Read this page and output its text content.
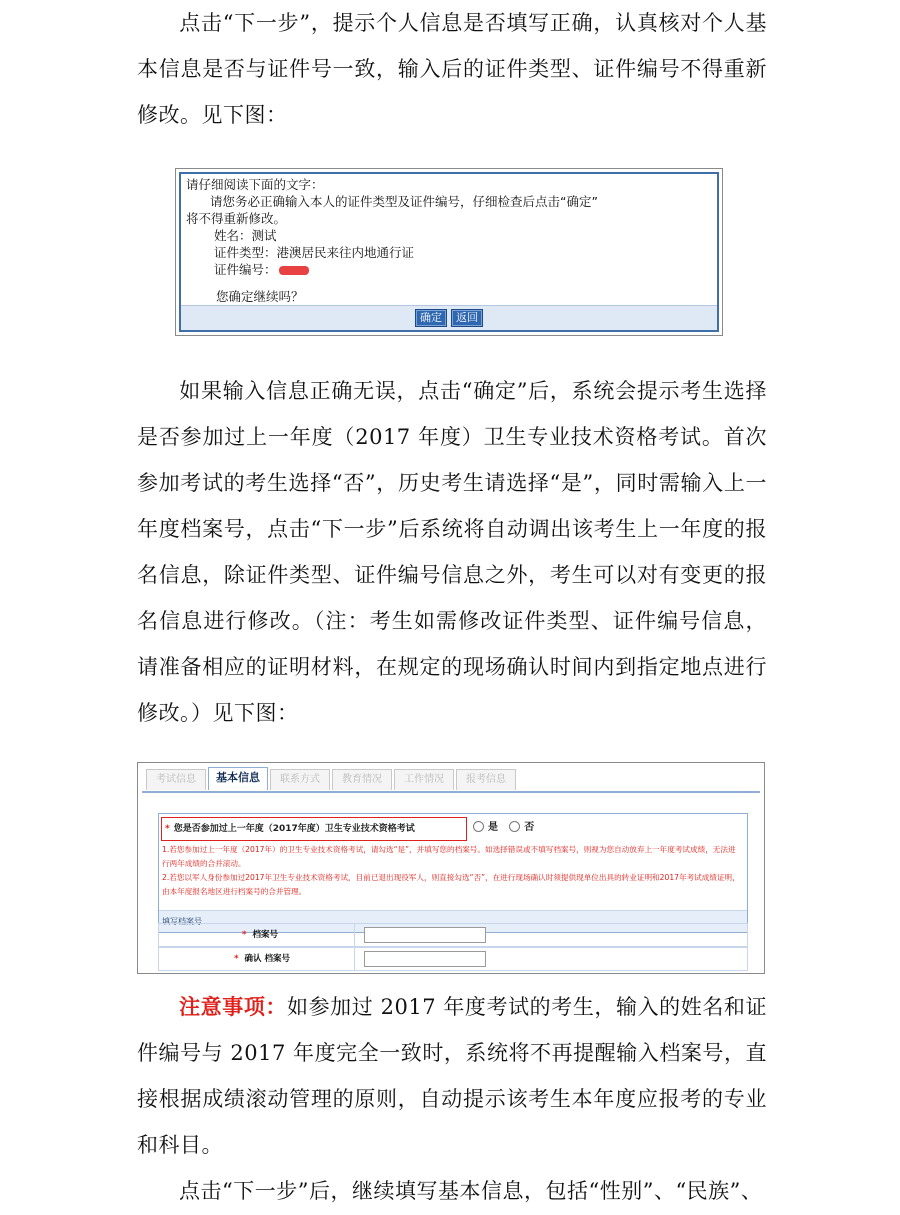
点击“下一步”，提示个人信息是否填写正确，认真核对个人基本信息是否与证件号一致，输入后的证件类型、证件编号不得重新修改。见下图：

请仔细阅读下面的文字：
请您务必正确输入本人的证件类型及证件编号，仔细检查后点击“确定”
将不得重新修改。
姓名：测试
证件类型：港澳居民来往内地通行证
证件编号：
您确定继续吗？
确定 返回

如果输入信息正确无误，点击“确定”后，系统会提示考生选择是否参加过上一年度（2017 年度）卫生专业技术资格考试。首次参加考试的考生选择“否”，历史考生请选择“是”，同时需输入上一年度档案号，点击“下一步”后系统将自动调出该考生上一年度的报名信息，除证件类型、证件编号信息之外，考生可以对有变更的报名信息进行修改。（注：考生如需修改证件类型、证件编号信息，请准备相应的证明材料，在规定的现场确认时间内到指定地点进行修改。）见下图：

考试信息	基本信息	联系方式	教育情况	工作情况	报考信息
* 您是否参加过上一年度（2017年度）卫生专业技术资格考试	是	否
1.若您参加过上一年度（2017年）的卫生专业技术资格考试，请勾选“是”，并填写您的档案号。如选择错误或不填写档案号，则视为您自动放弃上一年度考试成绩，无法进行两年成绩的合并滚动。
2.若您以军人身份参加过2017年卫生专业技术资格考试，目前已退出现役军人，则直接勾选“否”，在进行现场确认时须提供现单位出具的转业证明和2017年考试成绩证明，由本年度报名地区进行档案号的合并管理。
填写档案号
* 档案号
* 确认 档案号

注意事项：如参加过 2017 年度考试的考生，输入的姓名和证件编号与 2017 年度完全一致时，系统将不再提醒输入档案号，直接根据成绩滚动管理的原则，自动提示该考生本年度应报考的专业和科目。

点击“下一步”后，继续填写基本信息，包括“性别”、“民族”、
